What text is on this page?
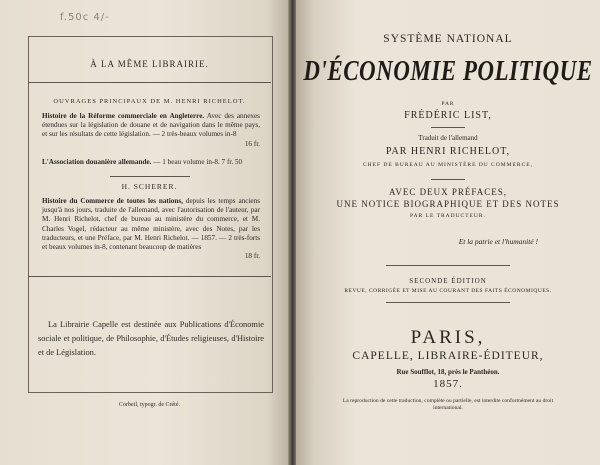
f.50c 4/-
À LA MÊME LIBRAIRIE.
OUVRAGES PRINCIPAUX DE M. HENRI RICHELOT.
Histoire de la Réforme commerciale en Angleterre. Avec des annexes étendues sur la législation de douane et de navigation dans le même pays, et sur les résultats de cette législation. — 2 très-beaux volumes in-8
16 fr.
L'Association douanière allemande. — 1 beau volume in-8. 7 fr. 50
H. SCHERER.
Histoire du Commerce de toutes les nations, depuis les temps anciens jusqu'à nos jours, traduite de l'allemand, avec l'autorisation de l'auteur, par M. Henri Richelot, chef de bureau au ministère du commerce, et M. Charles Vogel, rédacteur au même ministère, avec des Notes, par les traducteurs, et une Préface, par M. Henri Richelot. — 1857. — 2 très-forts et beaux volumes in-8, contenant beaucoup de matières
18 fr.
La Librairie Capelle est destinée aux Publications d'Économie sociale et politique, de Philosophie, d'Études religieuses, d'Histoire et de Législation.
Corbeil, typogr. de Crété.
SYSTÈME NATIONAL
D'ÉCONOMIE POLITIQUE
PAR
FRÉDÉRIC LIST,
Traduit de l'allemand
PAR HENRI RICHELOT,
CHEF DE BUREAU AU MINISTÈRE DU COMMERCE,
AVEC DEUX PRÉFACES,
UNE NOTICE BIOGRAPHIQUE ET DES NOTES
PAR LE TRADUCTEUR.
Et la patrie et l'humanité !
SECONDE ÉDITION
REVUE, CORRIGÉE ET MISE AU COURANT DES FAITS ÉCONOMIQUES.
PARIS,
CAPELLE, LIBRAIRE-ÉDITEUR,
Rue Soufflot, 18, près le Panthéon.
1857.
La reproduction de cette traduction, complète ou partielle, est interdite conformément au droit international.
